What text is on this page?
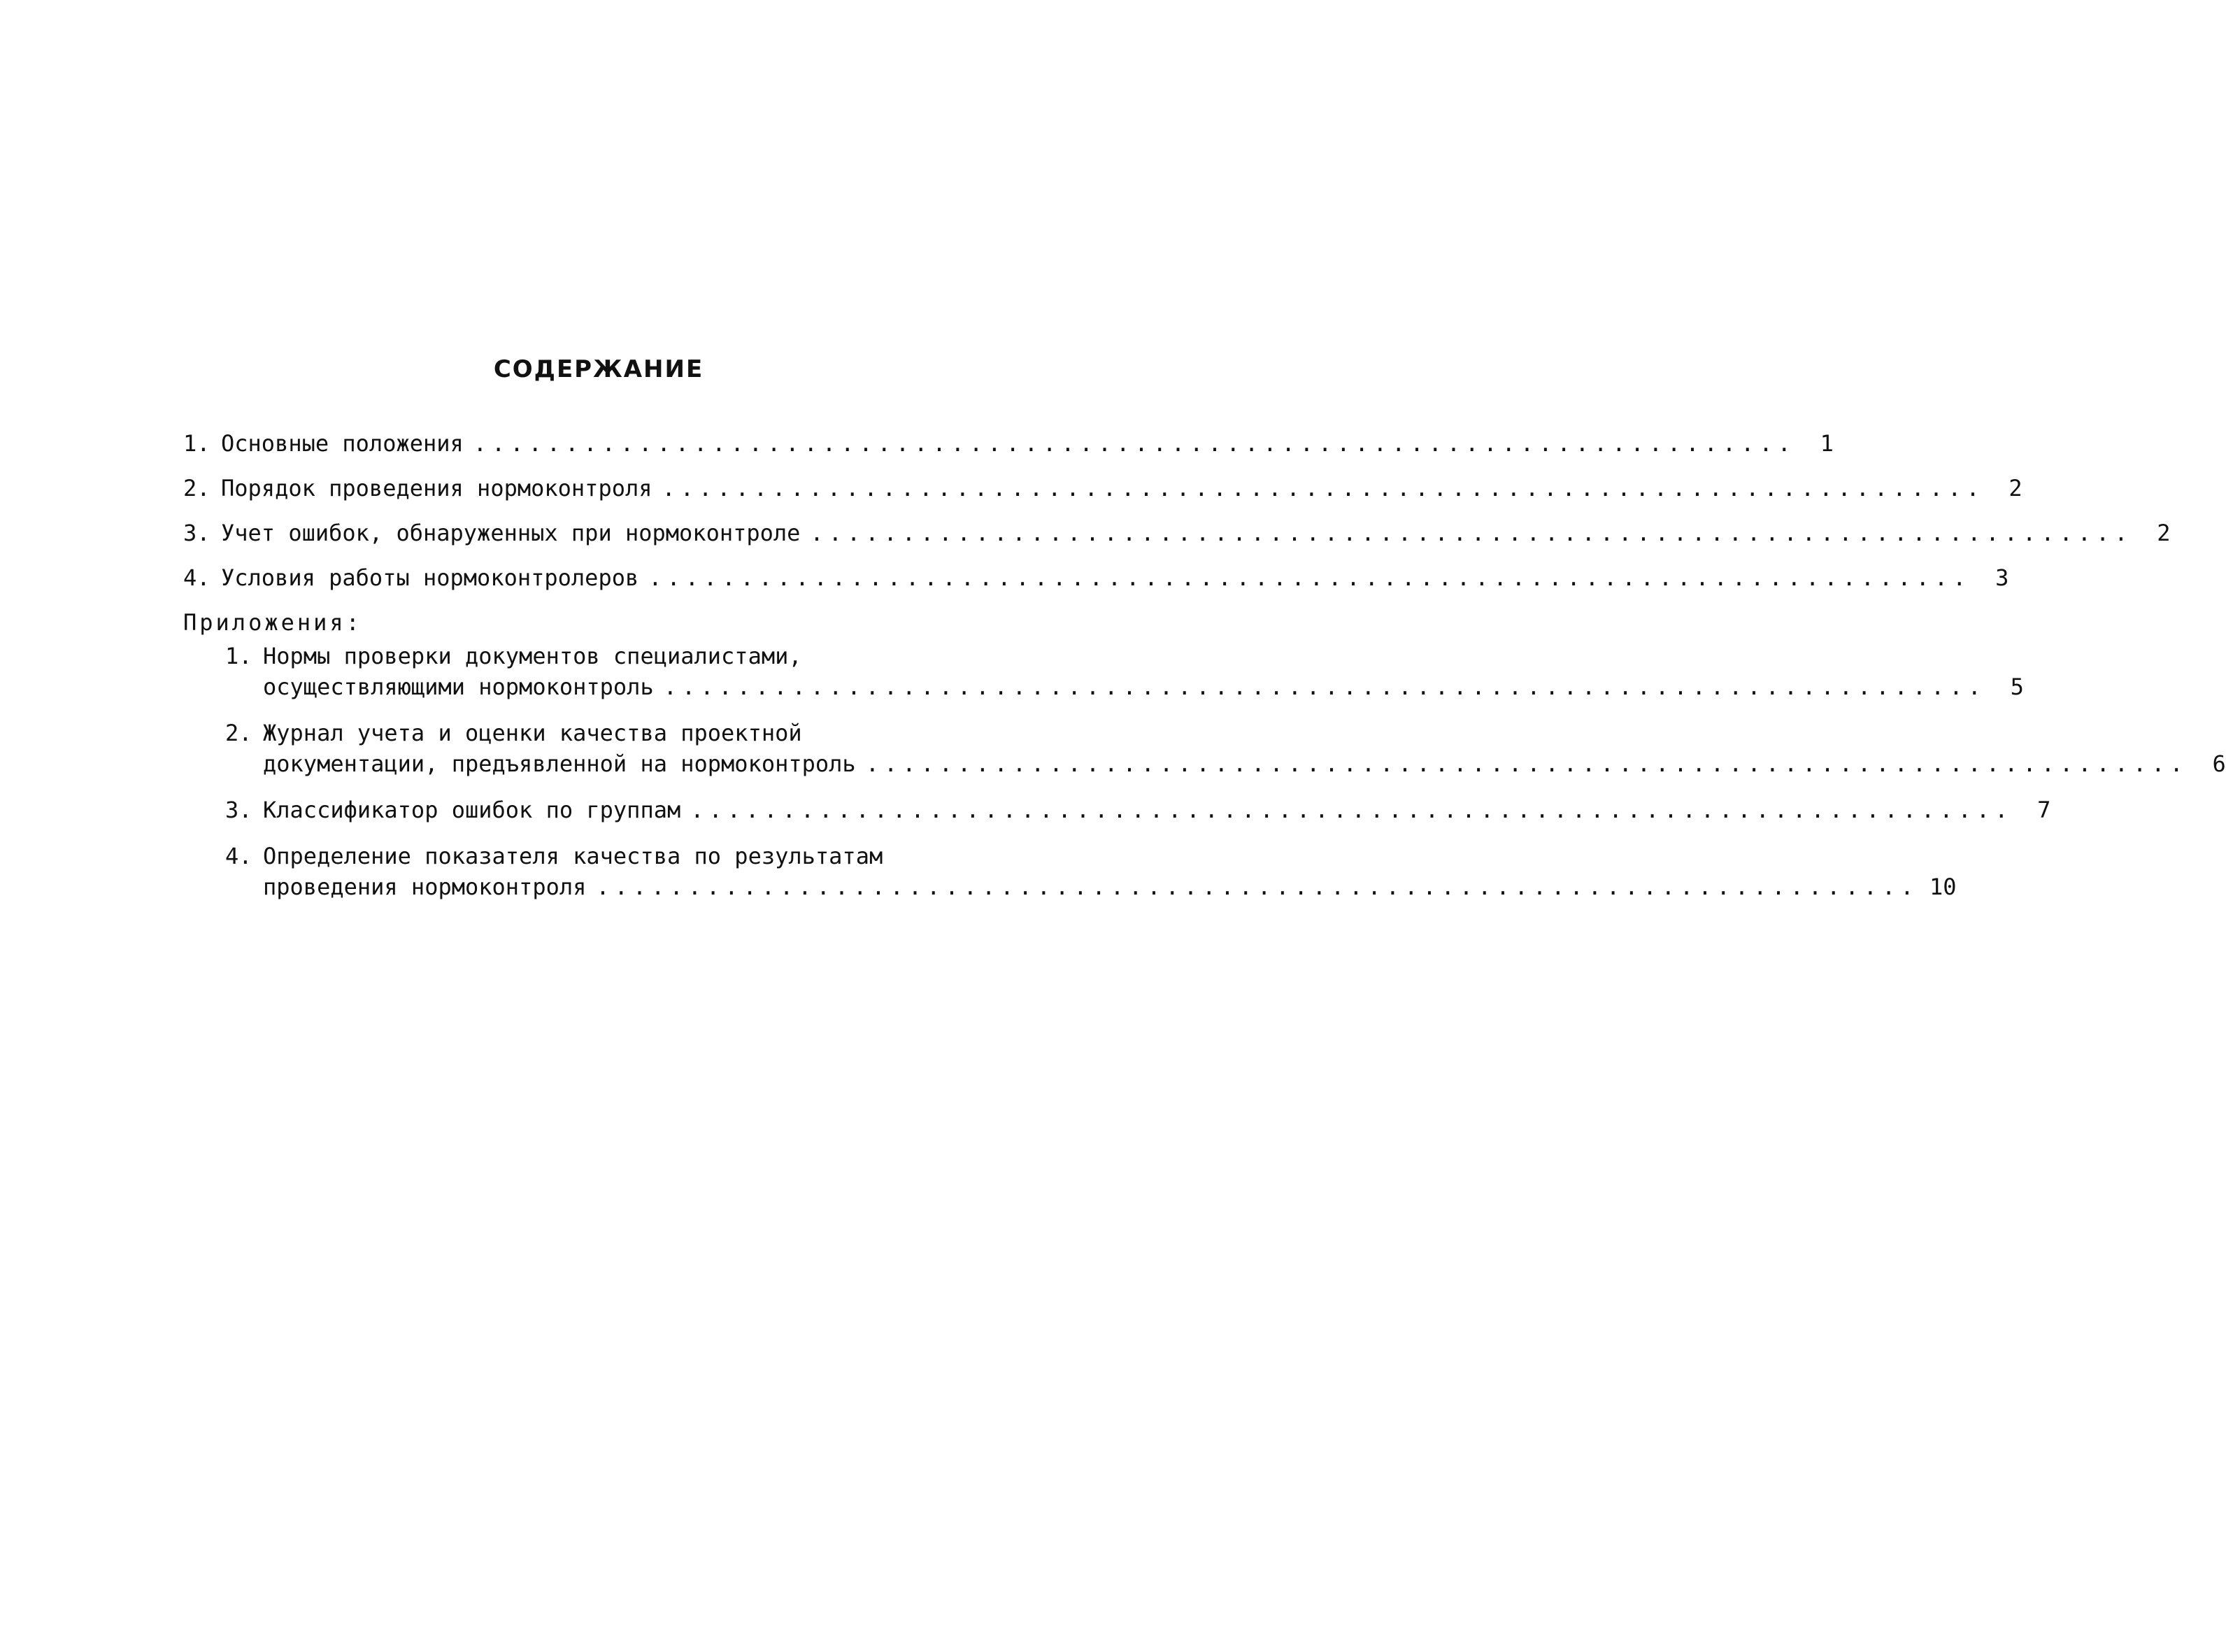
СОДЕРЖАНИЕ
1. Основные положения ........................................................................	1
2. Порядок проведения нормоконтроля ........................................................................	2
3. Учет ошибок, обнаруженных при нормоконтроле ........................................................................	2
4. Условия работы нормоконтролеров ........................................................................	3
Приложения:
1. Нормы проверки документов специалистами,
осуществляющими нормоконтроль ........................................................................	5
2. Журнал учета и оценки качества проектной
документации, предъявленной на нормоконтроль ........................................................................	6
3. Классификатор ошибок по группам ........................................................................	7
4. Определение показателя качества по результатам
проведения нормоконтроля ........................................................................ 10
